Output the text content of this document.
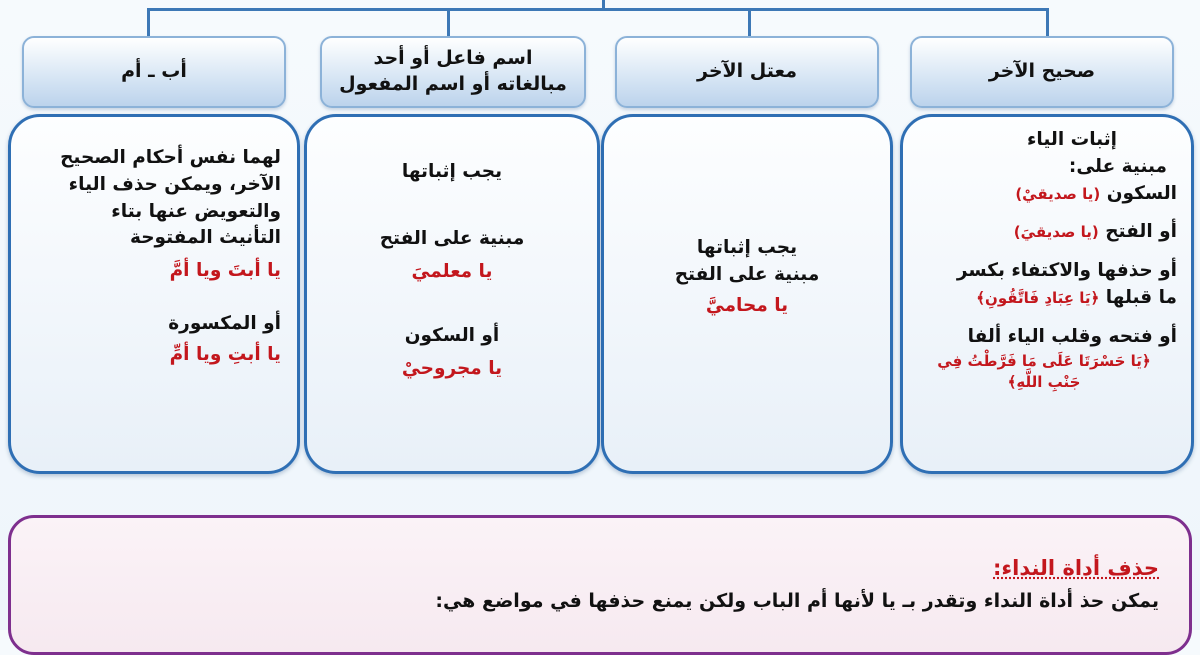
صحيح الآخر
معتل الآخر
اسم فاعل أو أحد
مبالغاته أو اسم المفعول
أب ـ أم
إثبات الياء
مبنية على:
السكون (يا صديقيْ)
أو الفتح (يا صديقيَ)
أو حذفها والاكتفاء بكسر
ما قبلها ﴿يَا عِبَادِ فَاتَّقُونِ﴾
أو فتحه وقلب الياء ألفا
﴿يَا حَسْرَتَا عَلَى مَا فَرَّطْتُ فِي
جَنْبِ اللَّهِ﴾
يجب إثباتها
مبنية على الفتح
يا محاميَّ
يجب إثباتها
مبنية على الفتح
يا معلميَ
أو السكون
يا مجروحيْ
لهما نفس أحكام الصحيح
الآخر، ويمكن حذف الياء
والتعويض عنها بتاء
التأنيث المفتوحة
يا أبتَ ويا أمَّ
أو المكسورة
يا أبتِ ويا أمِّ
حذف أداة النداء:
يمكن حذ أداة النداء وتقدر بـ يا لأنها أم الباب ولكن يمنع حذفها في مواضع هي:
